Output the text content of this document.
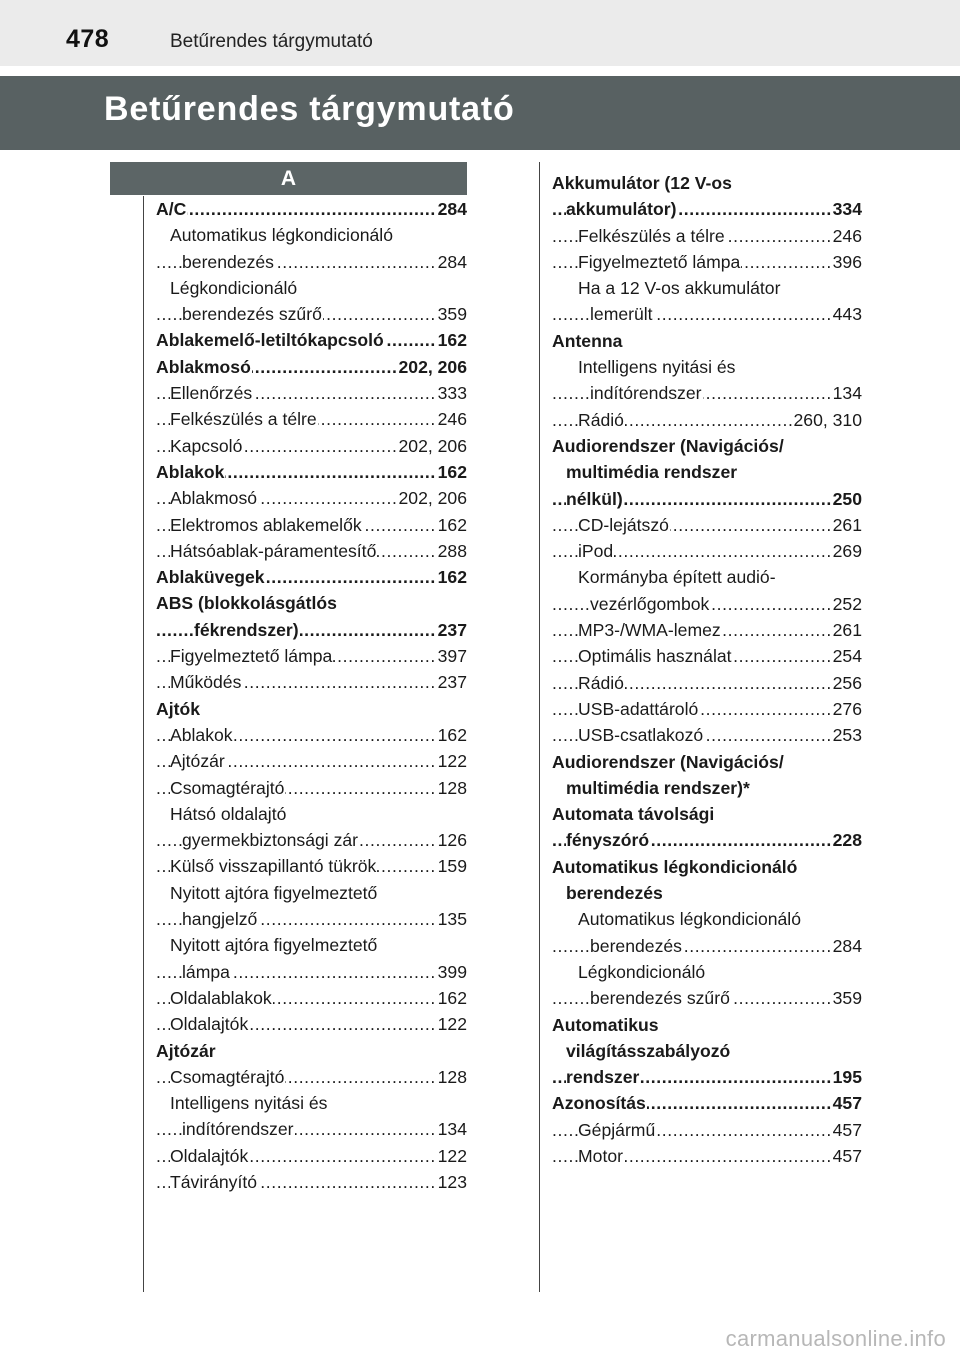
478	Betűrendes tárgymutató
Betűrendes tárgymutató
A
A/C	284
.....
Automatikus légkondicionáló
berendezés	284
.....
Légkondicionáló
berendezés szűrő	359
.....
Ablakemelő-letiltókapcsoló	162
.....
Ablakmosó	202, 206
.....
Ellenőrzés	333
.....
Felkészülés a télre	246
.....
Kapcsoló	202, 206
.....
Ablakok	162
.....
Ablakmosó	202, 206
.....
Elektromos ablakemelők	162
.....
Hátsóablak-páramentesítő	288
.....
Ablaküvegek	162
.....
ABS (blokkolásgátlós
fékrendszer)	237
.....
Figyelmeztető lámpa	397
.....
Működés	237
.....
Ajtók
Ablakok	162
.....
Ajtózár	122
.....
Csomagtérajtó	128
.....
Hátsó oldalajtó
gyermekbiztonsági zár	126
.....
Külső visszapillantó tükrök	159
.....
Nyitott ajtóra figyelmeztető
hangjelző	135
.....
Nyitott ajtóra figyelmeztető
lámpa	399
.....
Oldalablakok	162
.....
Oldalajtók	122
.....
Ajtózár
Csomagtérajtó	128
.....
Intelligens nyitási és
indítórendszer	134
.....
Oldalajtók	122
.....
Távirányító	123
.....
Akkumulátor (12 V-os
akkumulátor)	334
.....
Felkészülés a télre	246
.....
Figyelmeztető lámpa	396
.....
Ha a 12 V-os akkumulátor
lemerült	443
.....
Antenna
Intelligens nyitási és
indítórendszer	134
.....
Rádió	260, 310
.....
Audiorendszer (Navigációs/
multimédia rendszer
nélkül)	250
.....
CD-lejátszó	261
.....
iPod	269
.....
Kormányba épített audió-
vezérlőgombok	252
.....
MP3-/WMA-lemez	261
.....
Optimális használat	254
.....
Rádió	256
.....
USB-adattároló	276
.....
USB-csatlakozó	253
.....
Audiorendszer (Navigációs/
multimédia rendszer)*
Automata távolsági
fényszóró	228
.....
Automatikus légkondicionáló
berendezés
Automatikus légkondicionáló
berendezés	284
.....
Légkondicionáló
berendezés szűrő	359
.....
Automatikus
világításszabályozó
rendszer	195
.....
Azonosítás	457
.....
Gépjármű	457
.....
Motor	457
.....
carmanualsonline.info
